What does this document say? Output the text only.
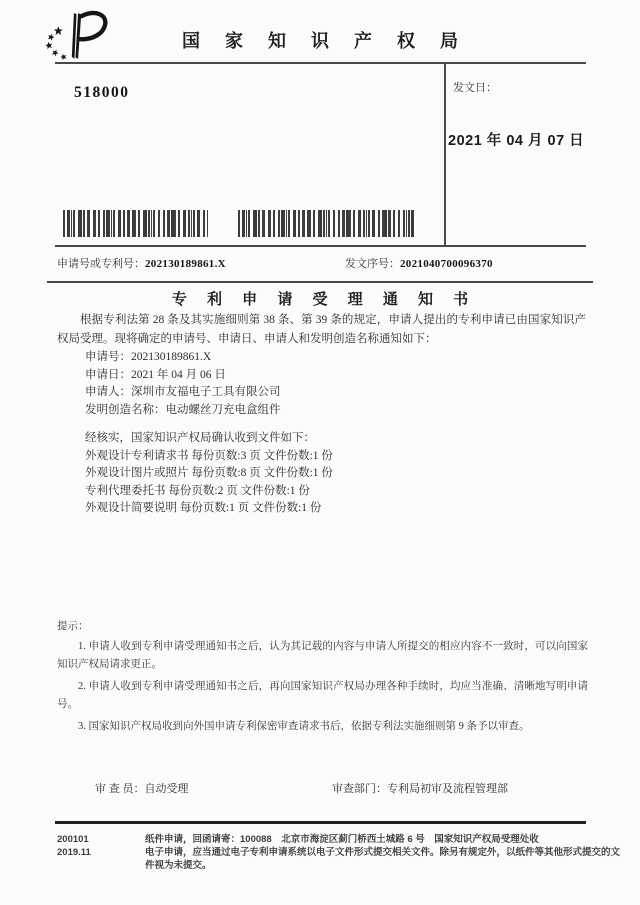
国 家 知 识 产 权 局
518000	发文日：
2021 年 04 月 07 日
申请号或专利号：202130189861.X	发文序号：2021040700096370
专 利 申 请 受 理 通 知 书
根据专利法第 28 条及其实施细则第 38 条、第 39 条的规定，申请人提出的专利申请已由国家知识产权局受理。现将确定的申请号、申请日、申请人和发明创造名称通知如下：
申请号：202130189861.X
申请日：2021 年 04 月 06 日
申请人：深圳市友福电子工具有限公司
发明创造名称：电动螺丝刀充电盒组件
经核实，国家知识产权局确认收到文件如下：
外观设计专利请求书 每份页数:3 页 文件份数:1 份
外观设计图片或照片 每份页数:8 页 文件份数:1 份
专利代理委托书 每份页数:2 页 文件份数:1 份
外观设计简要说明 每份页数:1 页 文件份数:1 份
提示：

1. 申请人收到专利申请受理通知书之后，认为其记载的内容与申请人所提交的相应内容不一致时，可以向国家知识产权局请求更正。

2. 申请人收到专利申请受理通知书之后，再向国家知识产权局办理各种手续时，均应当准确、清晰地写明申请号。

3. 国家知识产权局收到向外国申请专利保密审查请求书后，依据专利法实施细则第 9 条予以审查。

审 查 员：自动受理	审查部门：专利局初审及流程管理部
200101
2019.11

纸件申请，回函请寄：100088　北京市海淀区蓟门桥西土城路 6 号　国家知识产权局受理处收

电子申请，应当通过电子专利申请系统以电子文件形式提交相关文件。除另有规定外，以纸件等其他形式提交的文件视为未提交。
